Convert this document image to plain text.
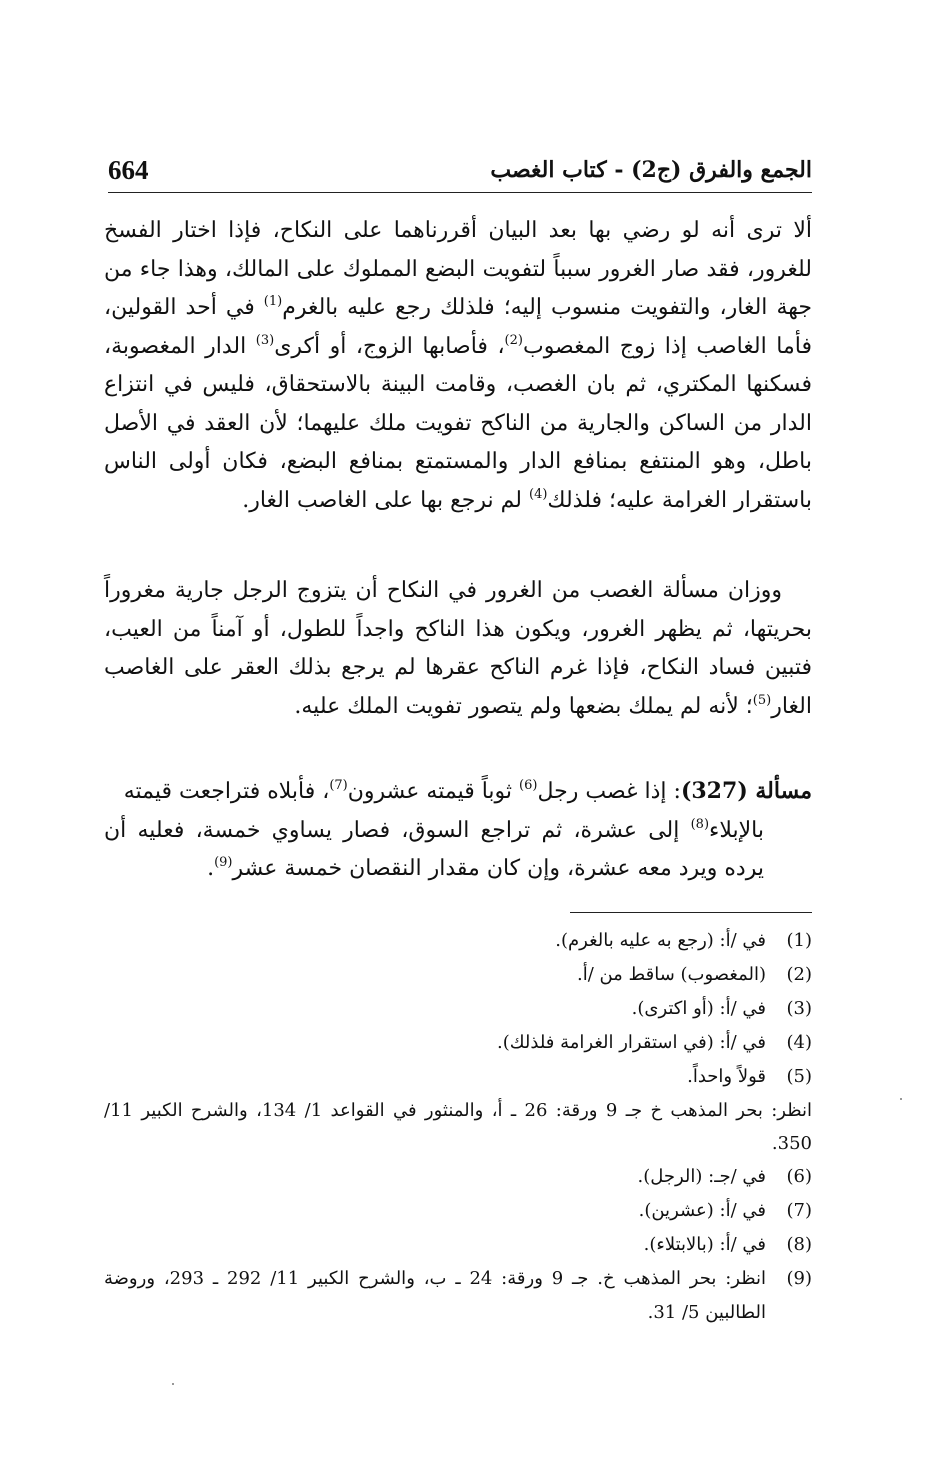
664	الجمع والفرق (ج2) - كتاب الغصب

ألا ترى أنه لو رضي بها بعد البيان أقررناهما على النكاح، فإذا اختار الفسخ للغرور، فقد صار الغرور سبباً لتفويت البضع المملوك على المالك، وهذا جاء من جهة الغار، والتفويت منسوب إليه؛ فلذلك رجع عليه بالغرم$^{(1)}$ في أحد القولين، فأما الغاصب إذا زوج المغصوب$^{(2)}$، فأصابها الزوج، أو أكرى$^{(3)}$ الدار المغصوبة، فسكنها المكتري، ثم بان الغصب، وقامت البينة بالاستحقاق، فليس في انتزاع الدار من الساكن والجارية من الناكح تفويت ملك عليهما؛ لأن العقد في الأصل باطل، وهو المنتفع بمنافع الدار والمستمتع بمنافع البضع، فكان أولى الناس باستقرار الغرامة عليه؛ فلذلك$^{(4)}$ لم نرجع بها على الغاصب الغار.

ووزان مسألة الغصب من الغرور في النكاح أن يتزوج الرجل جارية مغروراً بحريتها، ثم يظهر الغرور، ويكون هذا الناكح واجداً للطول، أو آمناً من العيب، فتبين فساد النكاح، فإذا غرم الناكح عقرها لم يرجع بذلك العقر على الغاصب الغار$^{(5)}$؛ لأنه لم يملك بضعها ولم يتصور تفويت الملك عليه.

مسألة (327): إذا غصب رجل$^{(6)}$ ثوباً قيمته عشرون$^{(7)}$، فأبلاه فتراجعت قيمته
بالإبلاء$^{(8)}$ إلى عشرة، ثم تراجع السوق، فصار يساوي خمسة، فعليه أن يرده ويرد معه عشرة، وإن كان مقدار النقصان خمسة عشر$^{(9)}$.
(1)
في /أ: (رجع به عليه بالغرم).
(2)
(المغصوب) ساقط من /أ.
(3)
في /أ: (أو اكترى).
(4)
في /أ: (في استقرار الغرامة فلذلك).
(5)
قولاً واحداً.
انظر: بحر المذهب خ جـ 9 ورقة: 26 ـ أ، والمنثور في القواعد 1/ 134، والشرح الكبير 11/ 350.
(6)
في /جـ: (الرجل).
(7)
في /أ: (عشرين).
(8)
في /أ: (بالابتلاء).
(9)
انظر: بحر المذهب خ. جـ 9 ورقة: 24 ـ ب، والشرح الكبير 11/ 292 ـ 293، وروضة الطالبين 5/ 31.
